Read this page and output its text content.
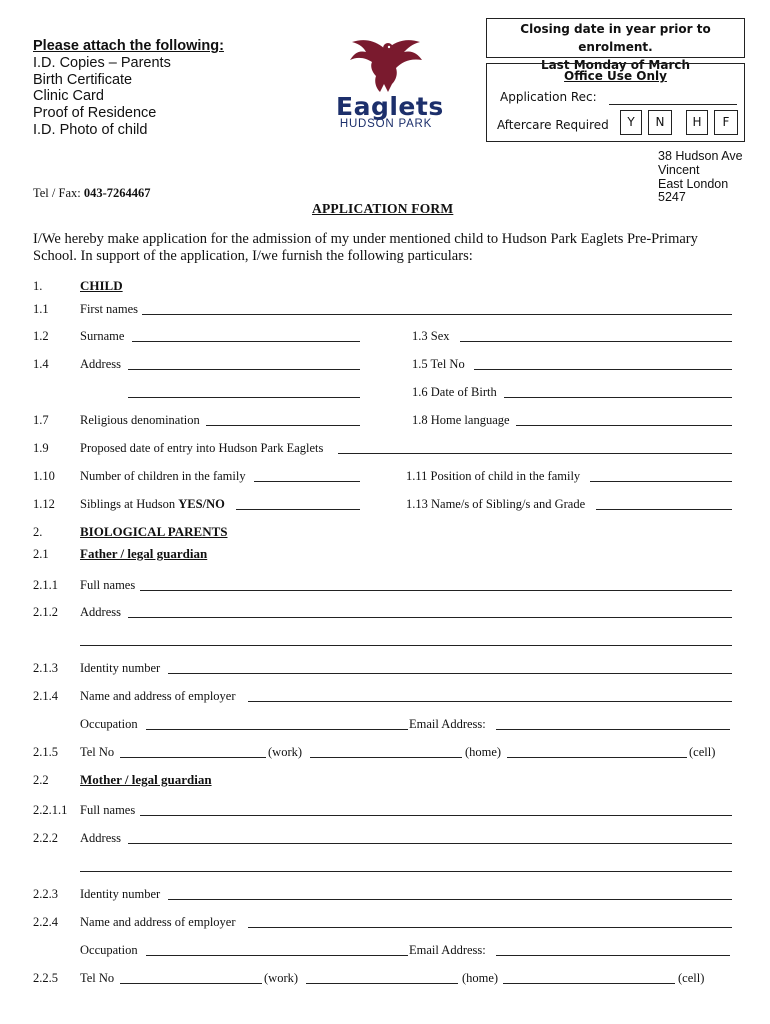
Please attach the following:
I.D. Copies – Parents
Birth Certificate
Clinic Card
Proof of Residence
I.D. Photo of child
Eaglets
HUDSON PARK
Closing date in year prior to enrolment.
Last Monday of March
Office Use Only
Application Rec:
Aftercare Required	Y	N	H	F
38 Hudson Ave
Vincent
East London
5247
Tel / Fax: 043-7264467
APPLICATION FORM
I/We hereby make application for the admission of my under mentioned child to Hudson Park Eaglets Pre-Primary School. In support of the application, I/we furnish the following particulars:
1.	CHILD
1.1	First names
1.2	Surname	1.3 Sex
1.4	Address	1.5 Tel No
1.6 Date of Birth
1.7	Religious denomination	1.8 Home language
1.9	Proposed date of entry into Hudson Park Eaglets
1.10 Number of children in the family	1.11 Position of child in the family
1.12 Siblings at Hudson YES/NO	1.13 Name/s of Sibling/s and Grade
2.	BIOLOGICAL PARENTS
2.1 Father / legal guardian
2.1.1 Full names
2.1.2 Address
2.1.3 Identity number
2.1.4 Name and address of employer
Occupation	Email Address:
2.1.5 Tel No	(work)	(home)	(cell)
2.2 Mother / legal guardian
2.2.1.1 Full names
2.2.2 Address
2.2.3 Identity number
2.2.4 Name and address of employer
Occupation	Email Address:
2.2.5 Tel No	(work)	(home)	(cell)
